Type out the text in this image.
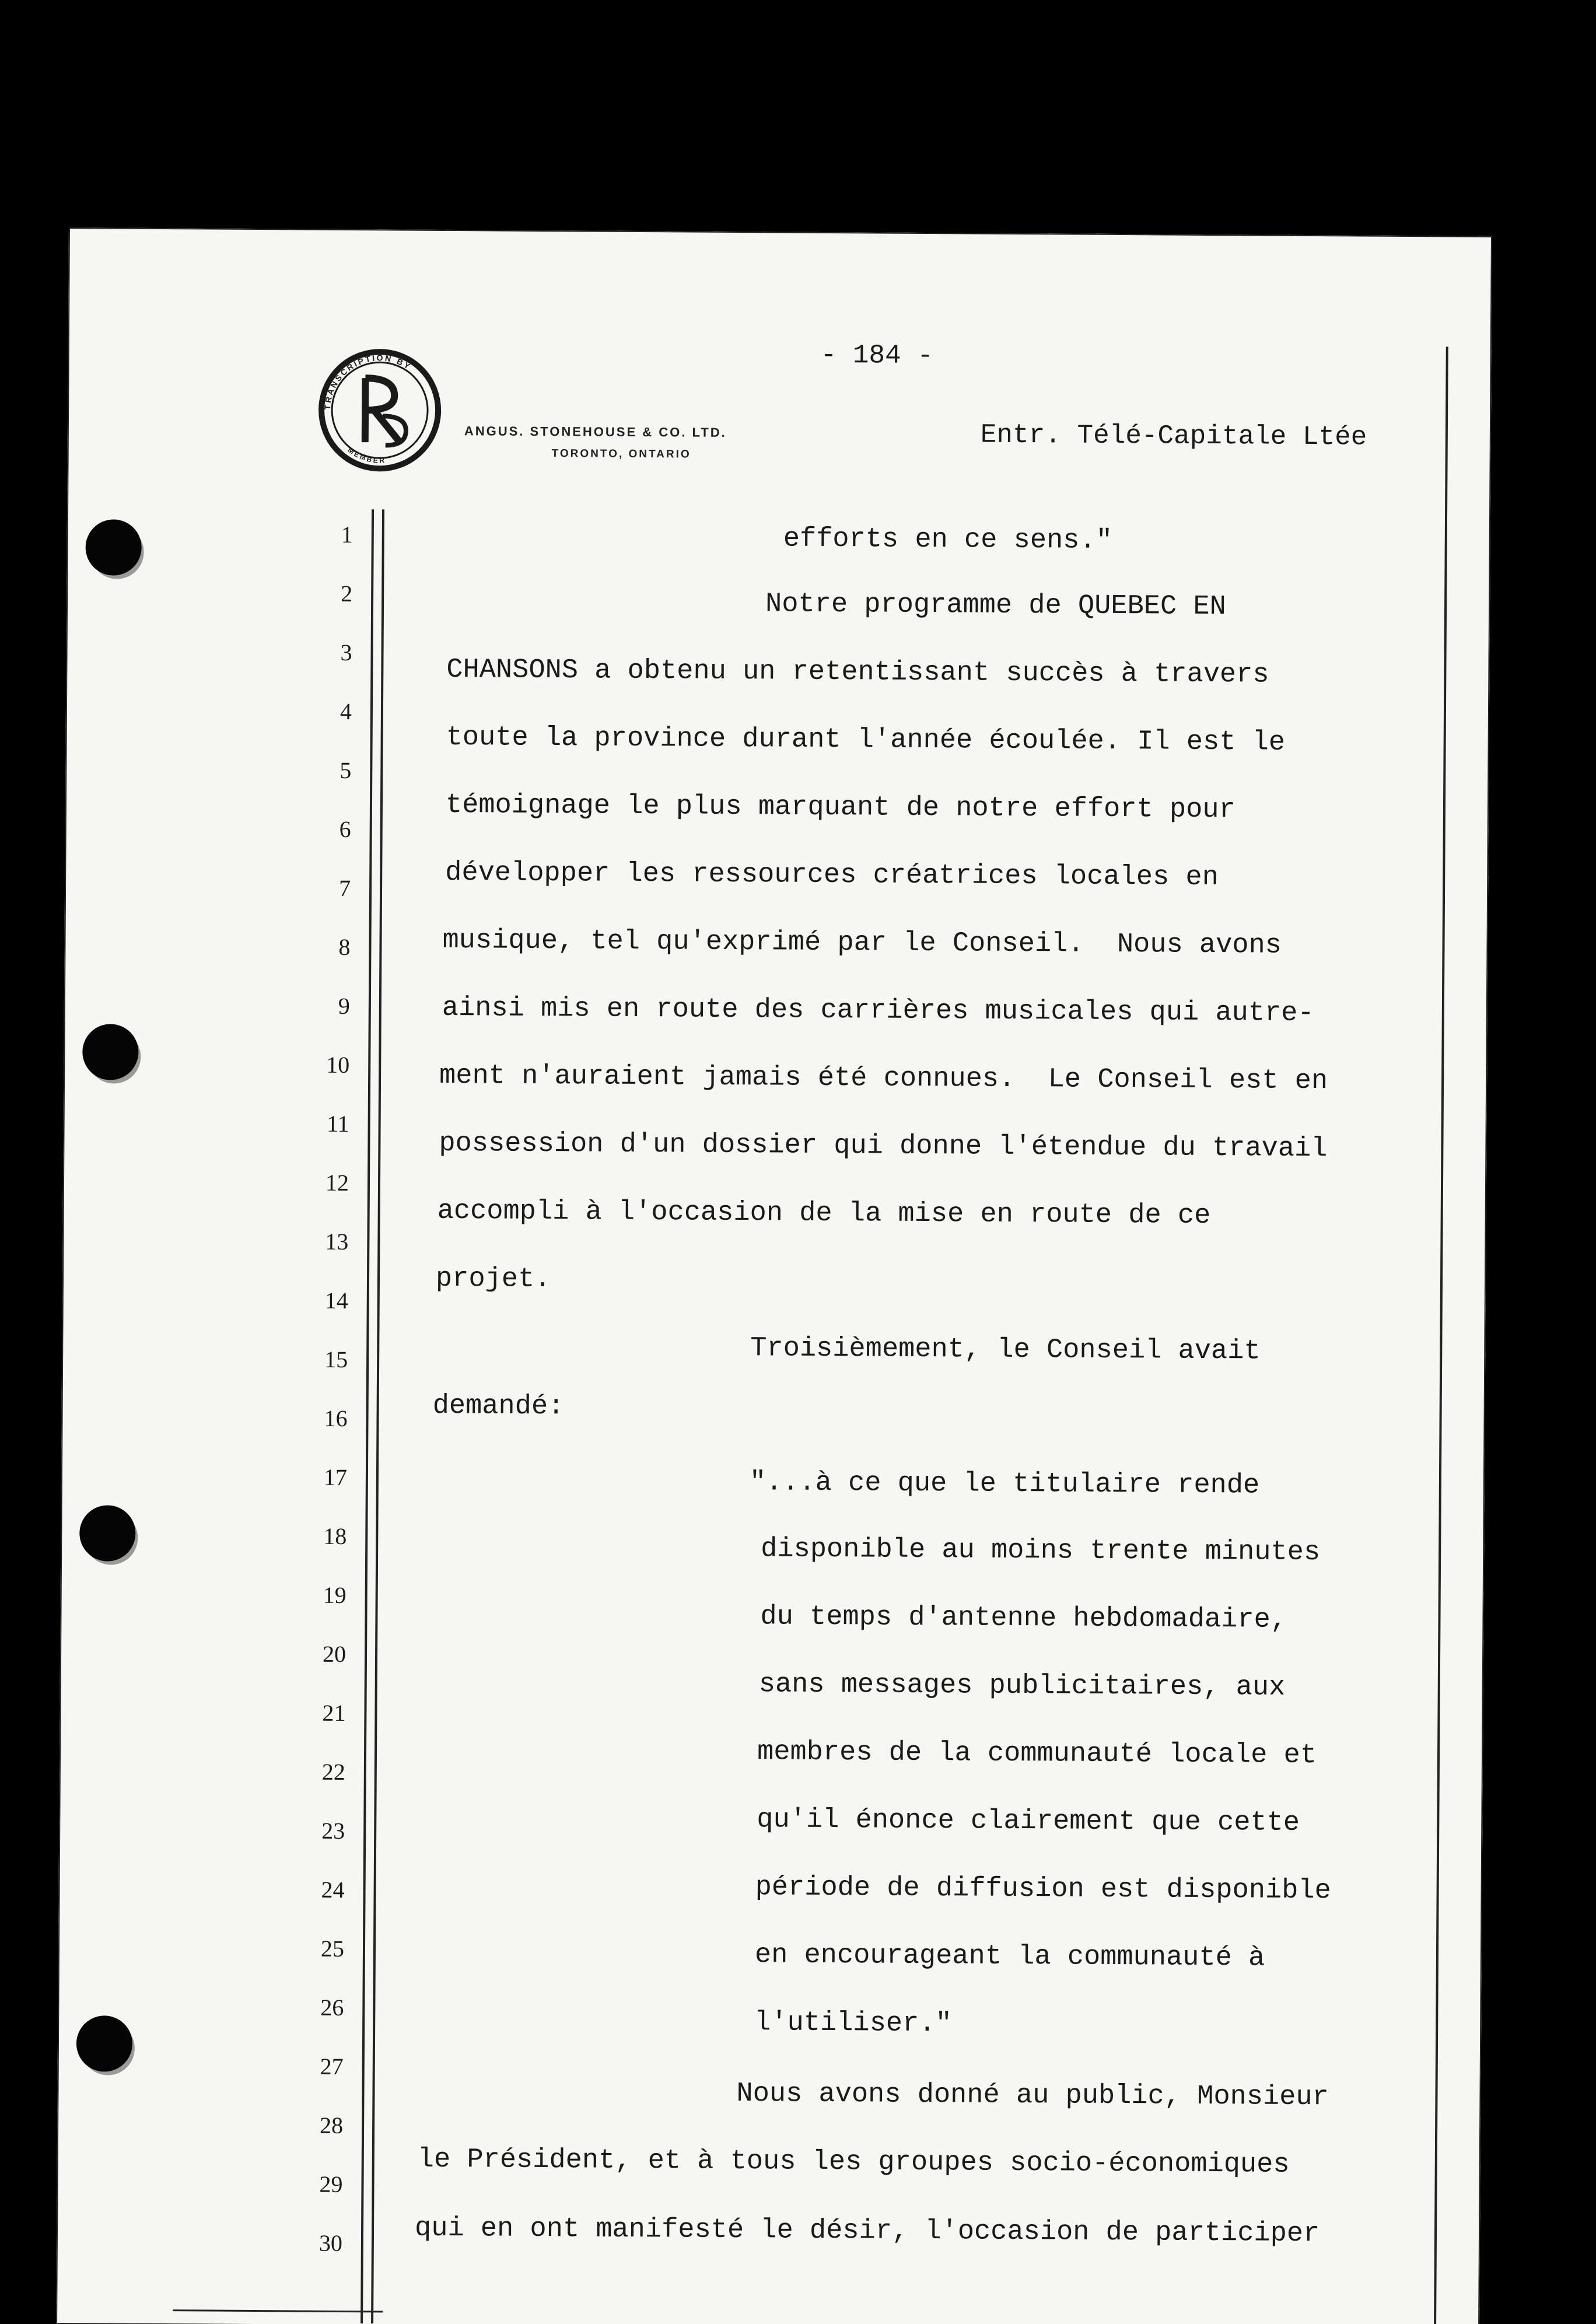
TRANSCRIPTION BY
MEMBER
ANGUS. STONEHOUSE & CO. LTD.
TORONTO, ONTARIO
- 184 -
Entr. Télé-Capitale Ltée
1
2
3
4
5
6
7
8
9
10
11
12
13
14
15
16
17
18
19
20
21
22
23
24
25
26
27
28
29
30
efforts en ce sens."
Notre programme de QUEBEC EN
CHANSONS a obtenu un retentissant succès à travers
toute la province durant l'année écoulée. Il est le
témoignage le plus marquant de notre effort pour
développer les ressources créatrices locales en
musique, tel qu'exprimé par le Conseil.  Nous avons
ainsi mis en route des carrières musicales qui autre-
ment n'auraient jamais été connues.  Le Conseil est en
possession d'un dossier qui donne l'étendue du travail
accompli à l'occasion de la mise en route de ce
projet.
Troisièmement, le Conseil avait
demandé:
"...à ce que le titulaire rende
disponible au moins trente minutes
du temps d'antenne hebdomadaire,
sans messages publicitaires, aux
membres de la communauté locale et
qu'il énonce clairement que cette
période de diffusion est disponible
en encourageant la communauté à
l'utiliser."
Nous avons donné au public, Monsieur
le Président, et à tous les groupes socio-économiques
qui en ont manifesté le désir, l'occasion de participer
